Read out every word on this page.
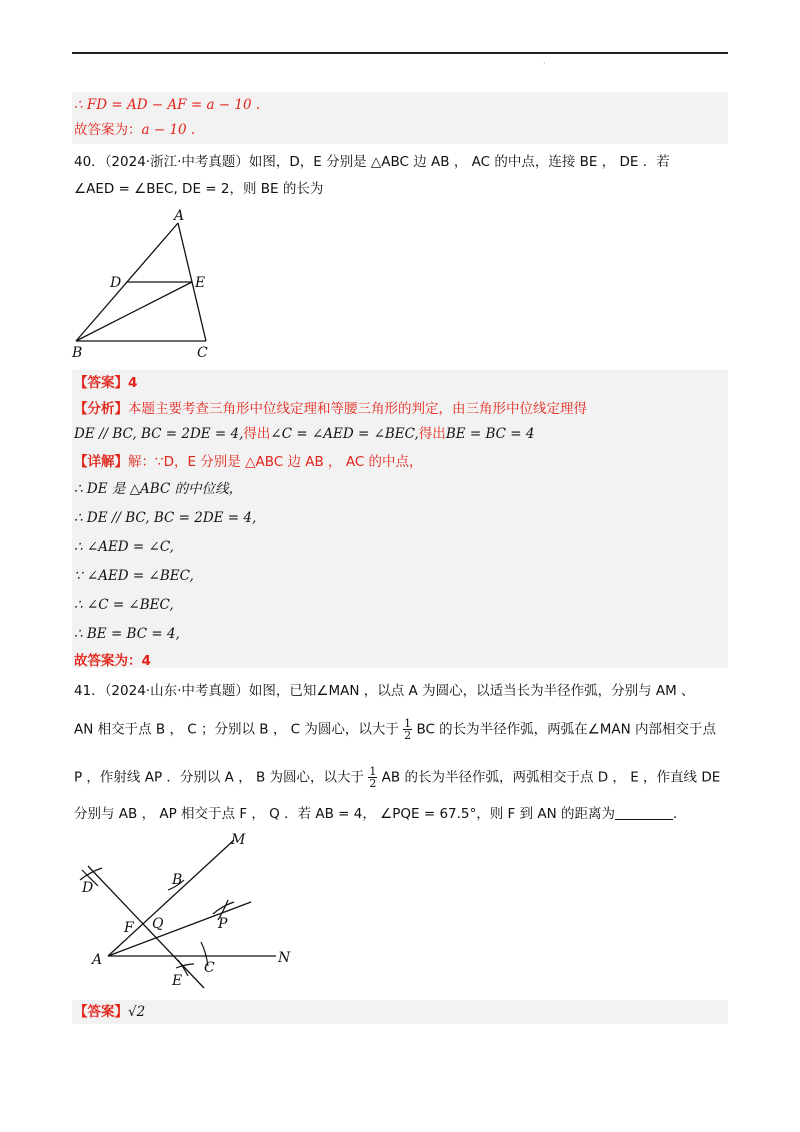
·
∴ FD = AD − AF = a − 10 .
故答案为：a − 10 .
40．（2024·浙江·中考真题）如图，D，E 分别是 △ABC 边 AB ， AC 的中点，连接 BE ， DE ．若
∠AED = ∠BEC, DE = 2，则 BE 的长为
A
D	E
B	C
【答案】4
【分析】本题主要考查三角形中位线定理和等腰三角形的判定，由三角形中位线定理得
DE // BC, BC = 2DE = 4,得出∠C = ∠AED = ∠BEC,得出BE = BC = 4
【详解】解：∵D，E 分别是 △ABC 边 AB ， AC 的中点，
∴ DE 是 △ABC 的中位线，
∴ DE // BC, BC = 2DE = 4,
∴ ∠AED = ∠C,
∵ ∠AED = ∠BEC,
∴ ∠C = ∠BEC,
∴ BE = BC = 4,
故答案为：4
41．（2024·山东·中考真题）如图，已知∠MAN ，以点 A 为圆心，以适当长为半径作弧，分别与 AM 、
AN 相交于点 B ， C ；分别以 B ， C 为圆心，以大于 $\frac{1}{2}$ BC 的长为半径作弧，两弧在∠MAN 内部相交于点
P ，作射线 AP ．分别以 A ， B 为圆心，以大于 $\frac{1}{2}$ AB 的长为半径作弧，两弧相交于点 D ， E ，作直线 DE
分别与 AB ， AP 相交于点 F ， Q ．若 AB = 4， ∠PQE = 67.5°，则 F 到 AN 的距离为	．
M
B
D
F Q	P
A
E
C
N
【答案】√2
